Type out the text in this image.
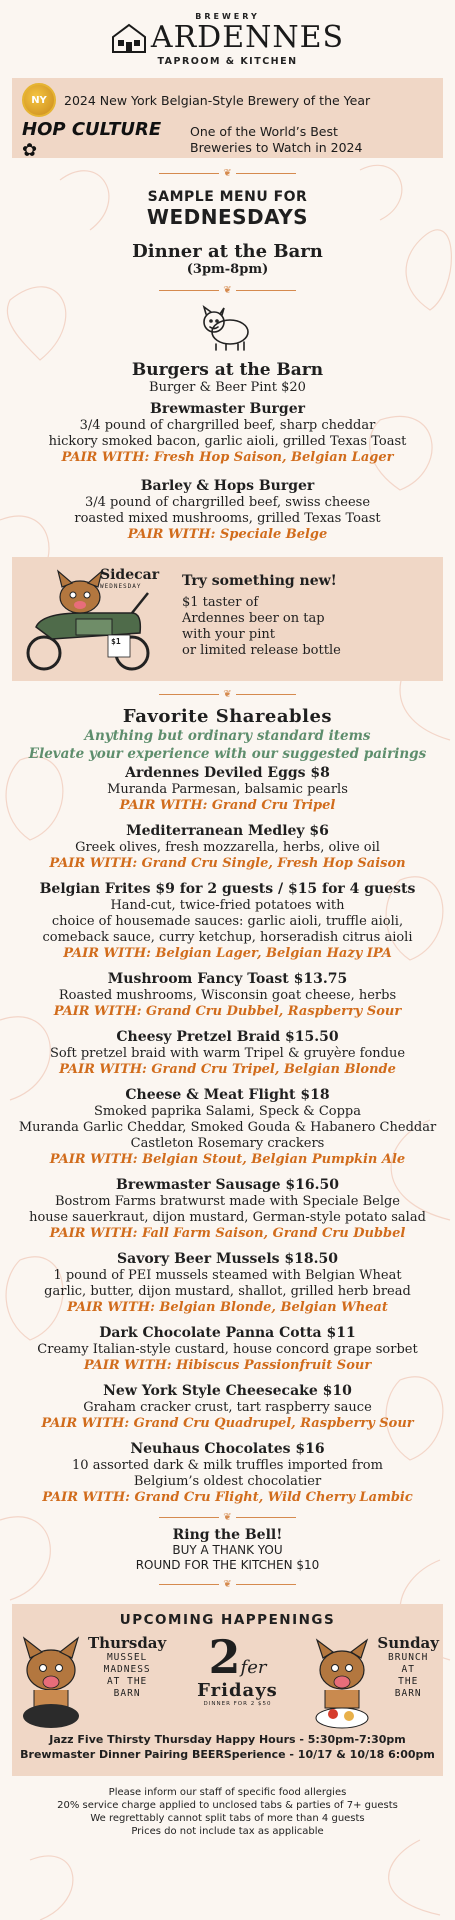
BREWERY
ARDENNES
TAPROOM & KITCHEN
NY 2024 New York Belgian-Style Brewery of the Year
HOP CULTURE ✿
One of the World’s Best
Breweries to Watch in 2024
❦
SAMPLE MENU FOR
WEDNESDAYS
Dinner at the Barn
(3pm-8pm)
❦
Burgers at the Barn
Burger & Beer Pint $20
Brewmaster Burger
3/4 pound of chargrilled beef, sharp cheddar
hickory smoked bacon, garlic aioli, grilled Texas Toast
PAIR WITH: Fresh Hop Saison, Belgian Lager
Barley & Hops Burger
3/4 pound of chargrilled beef, swiss cheese
roasted mixed mushrooms, grilled Texas Toast
PAIR WITH: Speciale Belge
Sidecar
WEDNESDAY
$1
Try something new!
$1 taster of
Ardennes beer on tap
with your pint
or limited release bottle
❦
Favorite Shareables
Anything but ordinary standard items
Elevate your experience with our suggested pairings
Ardennes Deviled Eggs $8
Muranda Parmesan, balsamic pearls
PAIR WITH: Grand Cru Tripel
Mediterranean Medley $6
Greek olives, fresh mozzarella, herbs, olive oil
PAIR WITH: Grand Cru Single, Fresh Hop Saison
Belgian Frites $9 for 2 guests / $15 for 4 guests
Hand-cut, twice-fried potatoes with
choice of housemade sauces: garlic aioli, truffle aioli,
comeback sauce, curry ketchup, horseradish citrus aioli
PAIR WITH: Belgian Lager, Belgian Hazy IPA
Mushroom Fancy Toast $13.75
Roasted mushrooms, Wisconsin goat cheese, herbs
PAIR WITH: Grand Cru Dubbel, Raspberry Sour
Cheesy Pretzel Braid $15.50
Soft pretzel braid with warm Tripel & gruyère fondue
PAIR WITH: Grand Cru Tripel, Belgian Blonde
Cheese & Meat Flight $18
Smoked paprika Salami, Speck & Coppa
Muranda Garlic Cheddar, Smoked Gouda & Habanero Cheddar
Castleton Rosemary crackers
PAIR WITH: Belgian Stout, Belgian Pumpkin Ale
Brewmaster Sausage $16.50
Bostrom Farms bratwurst made with Speciale Belge
house sauerkraut, dijon mustard, German-style potato salad
PAIR WITH: Fall Farm Saison, Grand Cru Dubbel
Savory Beer Mussels $18.50
1 pound of PEI mussels steamed with Belgian Wheat
garlic, butter, dijon mustard, shallot, grilled herb bread
PAIR WITH: Belgian Blonde, Belgian Wheat
Dark Chocolate Panna Cotta $11
Creamy Italian-style custard, house concord grape sorbet
PAIR WITH: Hibiscus Passionfruit Sour
New York Style Cheesecake $10
Graham cracker crust, tart raspberry sauce
PAIR WITH: Grand Cru Quadrupel, Raspberry Sour
Neuhaus Chocolates $16
10 assorted dark & milk truffles imported from
Belgium’s oldest chocolatier
PAIR WITH: Grand Cru Flight, Wild Cherry Lambic
❦
Ring the Bell!
BUY A THANK YOU
ROUND FOR THE KITCHEN $10
❦
UPCOMING HAPPENINGS
Thursday
MUSSEL
MADNESS
AT THE
BARN
2fer
Fridays
DINNER FOR 2 $50
Sunday
BRUNCH
AT
THE
BARN
Jazz Five Thirsty Thursday Happy Hours - 5:30pm-7:30pm
Brewmaster Dinner Pairing BEERSperience - 10/17 & 10/18 6:00pm
Please inform our staff of specific food allergies
20% service charge applied to unclosed tabs & parties of 7+ guests
We regrettably cannot split tabs of more than 4 guests
Prices do not include tax as applicable
